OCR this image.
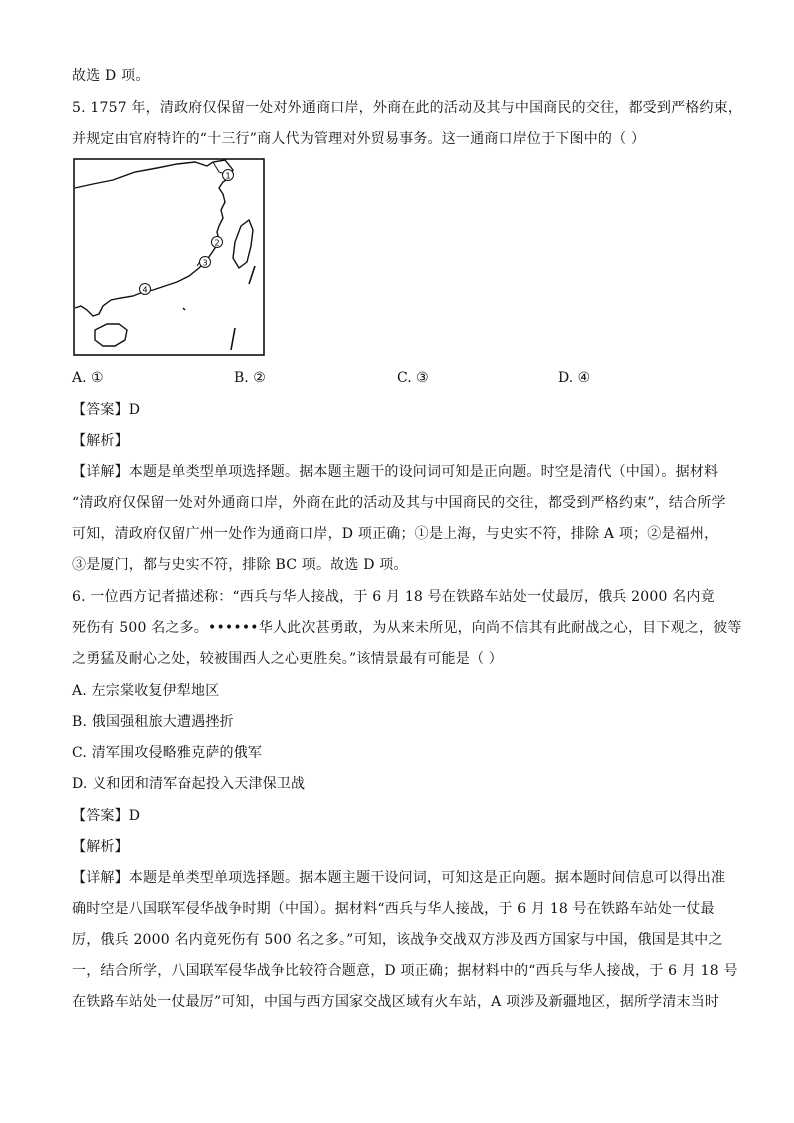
故选 D 项。
5. 1757 年，清政府仅保留一处对外通商口岸，外商在此的活动及其与中国商民的交往，都受到严格约束，
并规定由官府特许的“十三行”商人代为管理对外贸易事务。这一通商口岸位于下图中的（ ）
1
2
3
4
A. ①	B. ②	C. ③	D. ④
【答案】D
【解析】
【详解】本题是单类型单项选择题。据本题主题干的设问词可知是正向题。时空是清代（中国）。据材料
“清政府仅保留一处对外通商口岸，外商在此的活动及其与中国商民的交往，都受到严格约束”，结合所学
可知，清政府仅留广州一处作为通商口岸，D 项正确；①是上海，与史实不符，排除 A 项；②是福州，
③是厦门，都与史实不符，排除 BC 项。故选 D 项。
6. 一位西方记者描述称：“西兵与华人接战，于 6 月 18 号在铁路车站处一仗最厉，俄兵 2000 名内竟
死伤有 500 名之多。••••••华人此次甚勇敢，为从来未所见，向尚不信其有此耐战之心，目下观之，彼等
之勇猛及耐心之处，较被围西人之心更胜矣。”该情景最有可能是（ ）
A. 左宗棠收复伊犁地区
B. 俄国强租旅大遭遇挫折
C. 清军围攻侵略雅克萨的俄军
D. 义和团和清军奋起投入天津保卫战
【答案】D
【解析】
【详解】本题是单类型单项选择题。据本题主题干设问词，可知这是正向题。据本题时间信息可以得出准
确时空是八国联军侵华战争时期（中国）。据材料“西兵与华人接战，于 6 月 18 号在铁路车站处一仗最
厉，俄兵 2000 名内竟死伤有 500 名之多。”可知，该战争交战双方涉及西方国家与中国，俄国是其中之
一，结合所学，八国联军侵华战争比较符合题意，D 项正确；据材料中的“西兵与华人接战，于 6 月 18 号
在铁路车站处一仗最厉”可知，中国与西方国家交战区域有火车站，A 项涉及新疆地区，据所学清末当时
